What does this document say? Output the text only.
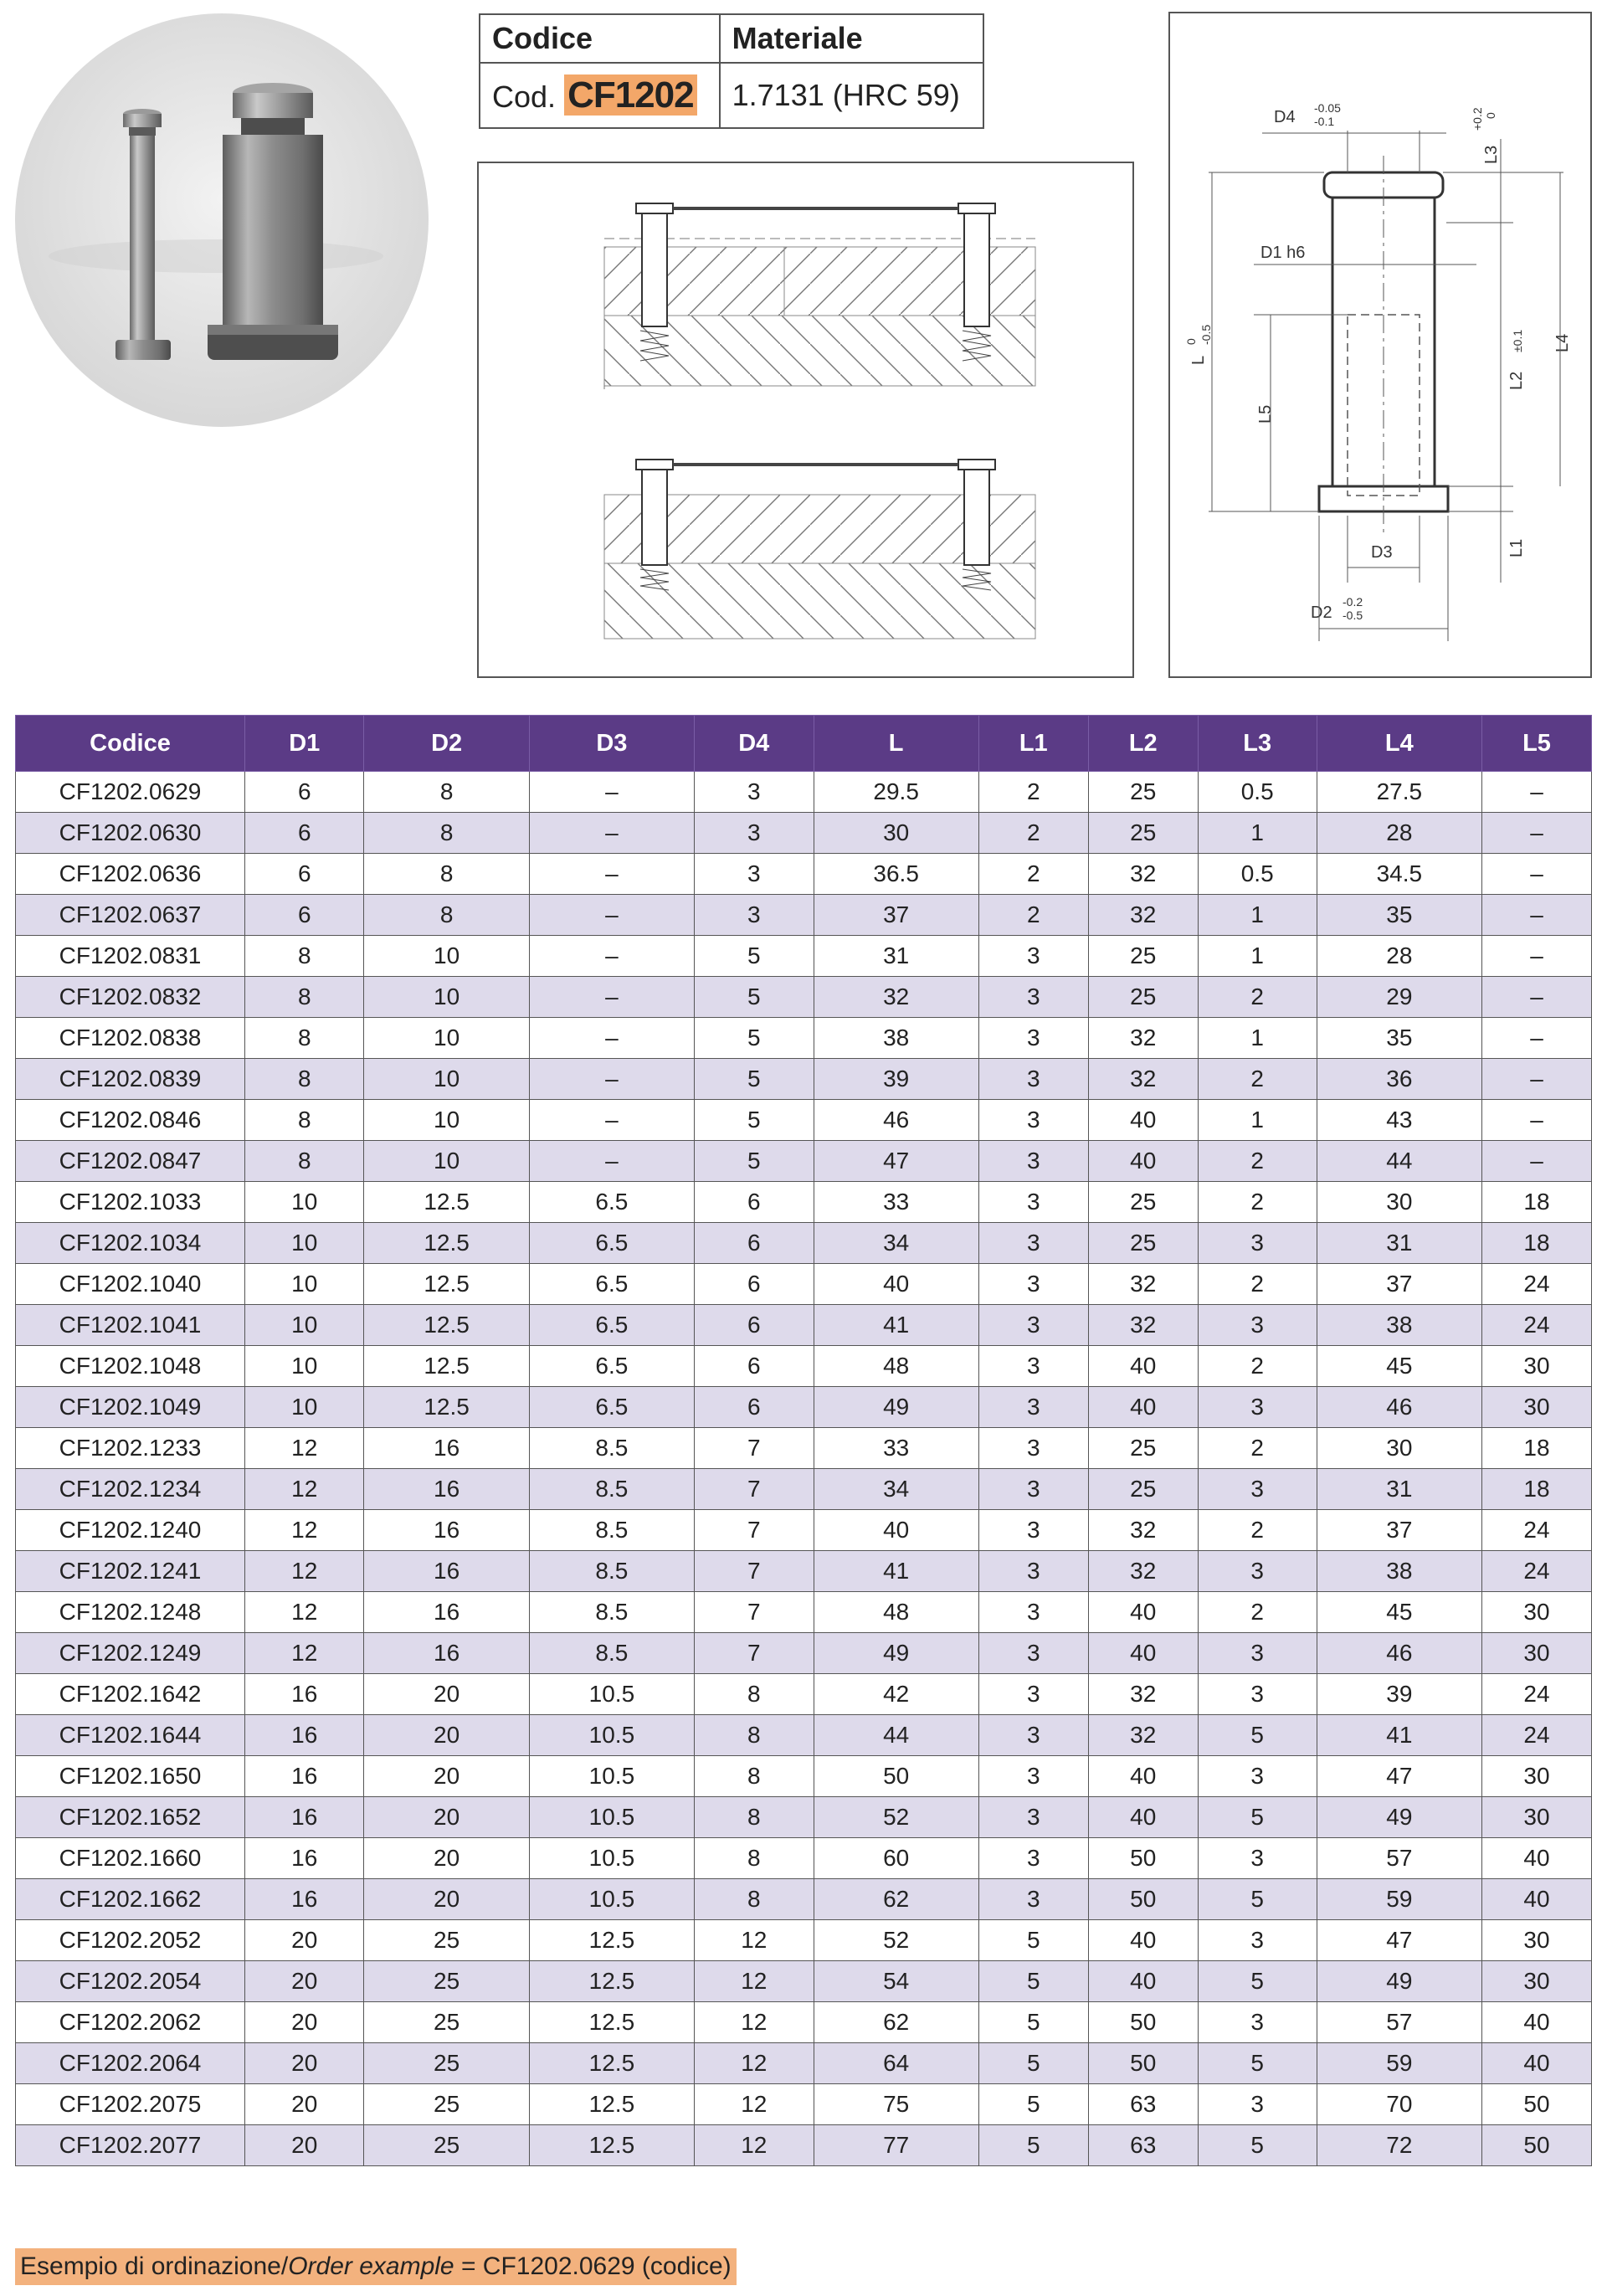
Codice	Materiale
Cod. CF1202	1.7131 (HRC 59)
D4 -0.05
-0.1
L3
+0.2 0
D1 h6
L
0 -0.5
L5
L2
±0.1 L4
L1
D3
D2
-0.2
-0.5
Codice	D1	D2	D3	D4	L	L1	L2	L3	L4	L5
CF1202.0629	6	8	–	3	29.5	2	25	0.5	27.5	–
CF1202.0630	6	8	–	3	30	2	25	1	28	–
CF1202.0636	6	8	–	3	36.5	2	32	0.5	34.5	–
CF1202.0637	6	8	–	3	37	2	32	1	35	–
CF1202.0831	8	10	–	5	31	3	25	1	28	–
CF1202.0832	8	10	–	5	32	3	25	2	29	–
CF1202.0838	8	10	–	5	38	3	32	1	35	–
CF1202.0839	8	10	–	5	39	3	32	2	36	–
CF1202.0846	8	10	–	5	46	3	40	1	43	–
CF1202.0847	8	10	–	5	47	3	40	2	44	–
CF1202.1033	10	12.5	6.5	6	33	3	25	2	30	18
CF1202.1034	10	12.5	6.5	6	34	3	25	3	31	18
CF1202.1040	10	12.5	6.5	6	40	3	32	2	37	24
CF1202.1041	10	12.5	6.5	6	41	3	32	3	38	24
CF1202.1048	10	12.5	6.5	6	48	3	40	2	45	30
CF1202.1049	10	12.5	6.5	6	49	3	40	3	46	30
CF1202.1233	12	16	8.5	7	33	3	25	2	30	18
CF1202.1234	12	16	8.5	7	34	3	25	3	31	18
CF1202.1240	12	16	8.5	7	40	3	32	2	37	24
CF1202.1241	12	16	8.5	7	41	3	32	3	38	24
CF1202.1248	12	16	8.5	7	48	3	40	2	45	30
CF1202.1249	12	16	8.5	7	49	3	40	3	46	30
CF1202.1642	16	20	10.5	8	42	3	32	3	39	24
CF1202.1644	16	20	10.5	8	44	3	32	5	41	24
CF1202.1650	16	20	10.5	8	50	3	40	3	47	30
CF1202.1652	16	20	10.5	8	52	3	40	5	49	30
CF1202.1660	16	20	10.5	8	60	3	50	3	57	40
CF1202.1662	16	20	10.5	8	62	3	50	5	59	40
CF1202.2052	20	25	12.5	12	52	5	40	3	47	30
CF1202.2054	20	25	12.5	12	54	5	40	5	49	30
CF1202.2062	20	25	12.5	12	62	5	50	3	57	40
CF1202.2064	20	25	12.5	12	64	5	50	5	59	40
CF1202.2075	20	25	12.5	12	75	5	63	3	70	50
CF1202.2077	20	25	12.5	12	77	5	63	5	72	50
Esempio di ordinazione/Order example = CF1202.0629 (codice)
